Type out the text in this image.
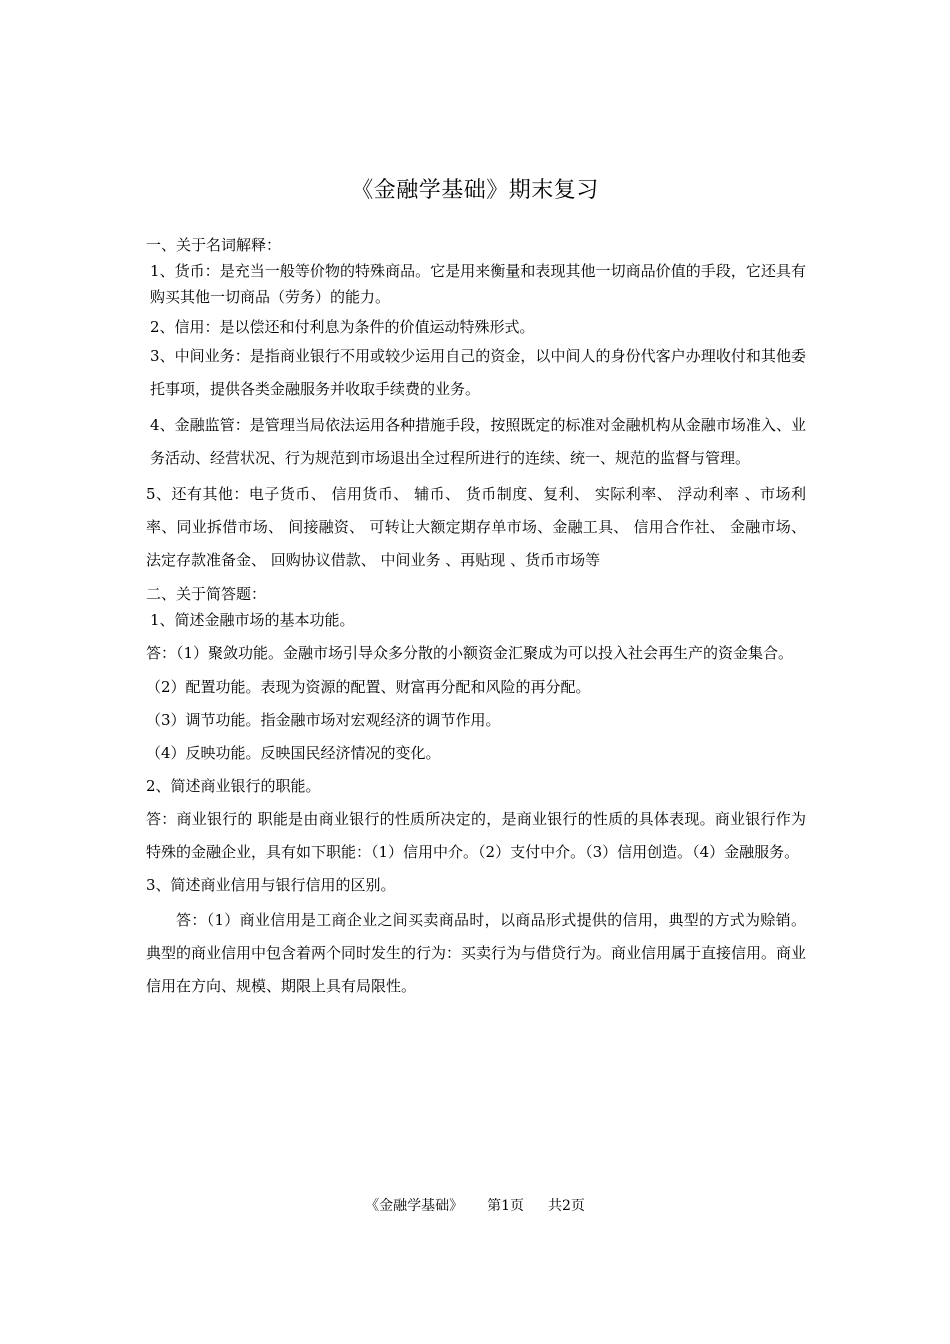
《金融学基础》期末复习

一、关于名词解释：

1、货币：是充当一般等价物的特殊商品。它是用来衡量和表现其他一切商品价值的手段，它还具有购买其他一切商品（劳务）的能力。

2、信用：是以偿还和付利息为条件的价值运动特殊形式。

3、中间业务：是指商业银行不用或较少运用自己的资金，以中间人的身份代客户办理收付和其他委托事项，提供各类金融服务并收取手续费的业务。

4、金融监管：是管理当局依法运用各种措施手段，按照既定的标准对金融机构从金融市场准入、业务活动、经营状况、行为规范到市场退出全过程所进行的连续、统一、规范的监督与管理。

5、还有其他：电子货币、 信用货币、 辅币、 货币制度、复利、 实际利率、 浮动利率 、市场利率、同业拆借市场、 间接融资、 可转让大额定期存单市场、金融工具、 信用合作社、 金融市场、法定存款准备金、 回购协议借款、 中间业务 、再贴现 、货币市场等

二、关于简答题：

1、简述金融市场的基本功能。

答：（1）聚敛功能。金融市场引导众多分散的小额资金汇聚成为可以投入社会再生产的资金集合。

（2）配置功能。表现为资源的配置、财富再分配和风险的再分配。

（3）调节功能。指金融市场对宏观经济的调节作用。

（4）反映功能。反映国民经济情况的变化。

2、简述商业银行的职能。

答：商业银行的 职能是由商业银行的性质所决定的，是商业银行的性质的具体表现。商业银行作为特殊的金融企业，具有如下职能：（1）信用中介。（2）支付中介。（3）信用创造。（4）金融服务。

3、简述商业信用与银行信用的区别。

答：（1）商业信用是工商企业之间买卖商品时，以商品形式提供的信用，典型的方式为赊销。典型的商业信用中包含着两个同时发生的行为：买卖行为与借贷行为。商业信用属于直接信用。商业信用在方向、规模、期限上具有局限性。

《金融学基础》 第1页 共2页
